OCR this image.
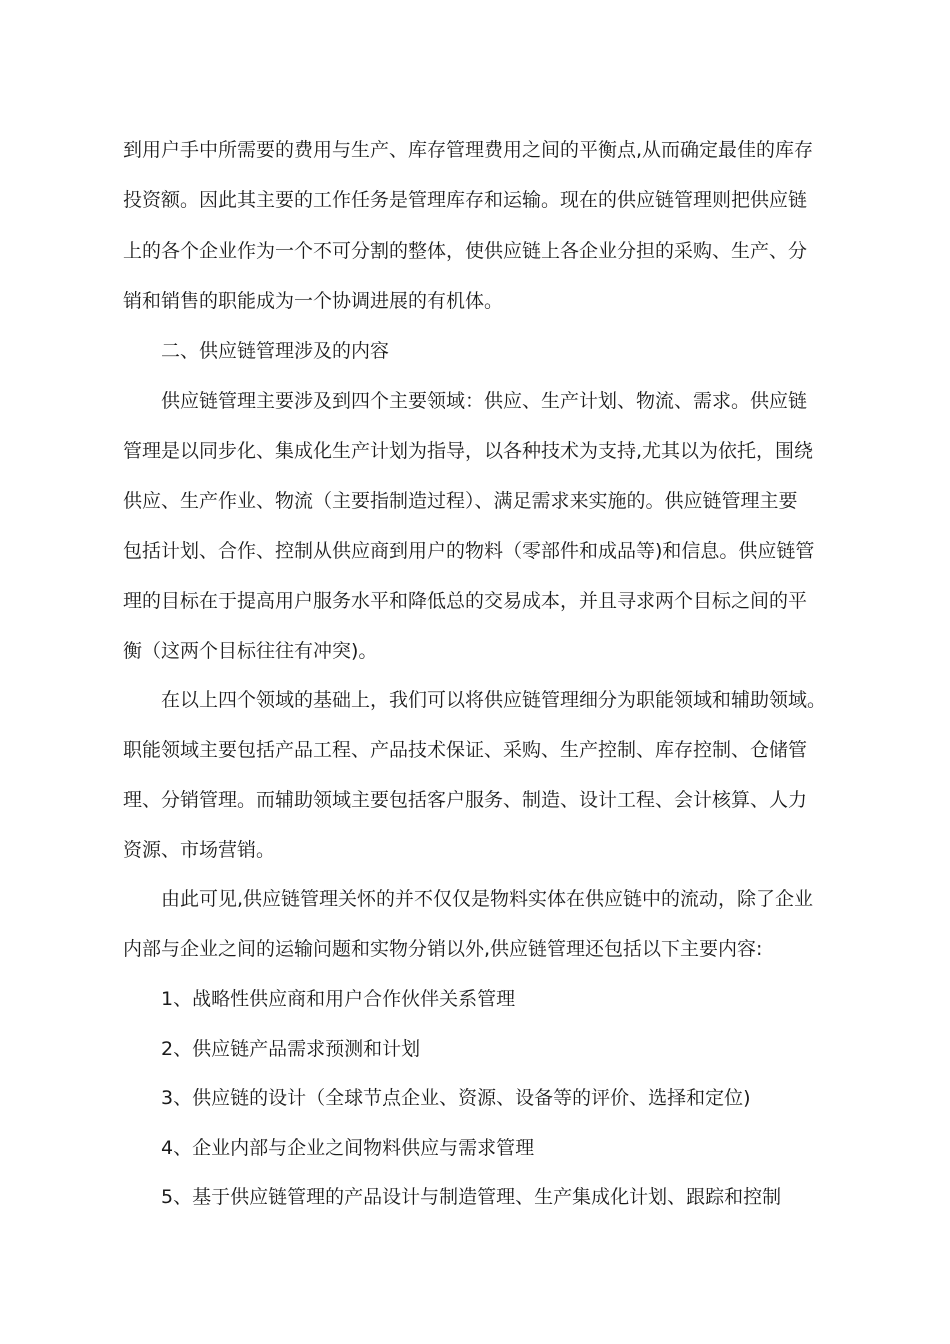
到用户手中所需要的费用与生产、库存管理费用之间的平衡点,从而确定最佳的库存
投资额。因此其主要的工作任务是管理库存和运输。现在的供应链管理则把供应链
上的各个企业作为一个不可分割的整体，使供应链上各企业分担的采购、生产、分
销和销售的职能成为一个协调进展的有机体。
二、供应链管理涉及的内容
供应链管理主要涉及到四个主要领域：供应、生产计划、物流、需求。供应链
管理是以同步化、集成化生产计划为指导，以各种技术为支持,尤其以为依托，围绕
供应、生产作业、物流（主要指制造过程）、满足需求来实施的。供应链管理主要
包括计划、合作、控制从供应商到用户的物料（零部件和成品等)和信息。供应链管
理的目标在于提高用户服务水平和降低总的交易成本，并且寻求两个目标之间的平
衡（这两个目标往往有冲突)。
在以上四个领域的基础上，我们可以将供应链管理细分为职能领域和辅助领域。
职能领域主要包括产品工程、产品技术保证、采购、生产控制、库存控制、仓储管
理、分销管理。而辅助领域主要包括客户服务、制造、设计工程、会计核算、人力
资源、市场营销。
由此可见,供应链管理关怀的并不仅仅是物料实体在供应链中的流动，除了企业
内部与企业之间的运输问题和实物分销以外,供应链管理还包括以下主要内容:
1、战略性供应商和用户合作伙伴关系管理
2、供应链产品需求预测和计划
3、供应链的设计（全球节点企业、资源、设备等的评价、选择和定位)
4、企业内部与企业之间物料供应与需求管理
5、基于供应链管理的产品设计与制造管理、生产集成化计划、跟踪和控制
